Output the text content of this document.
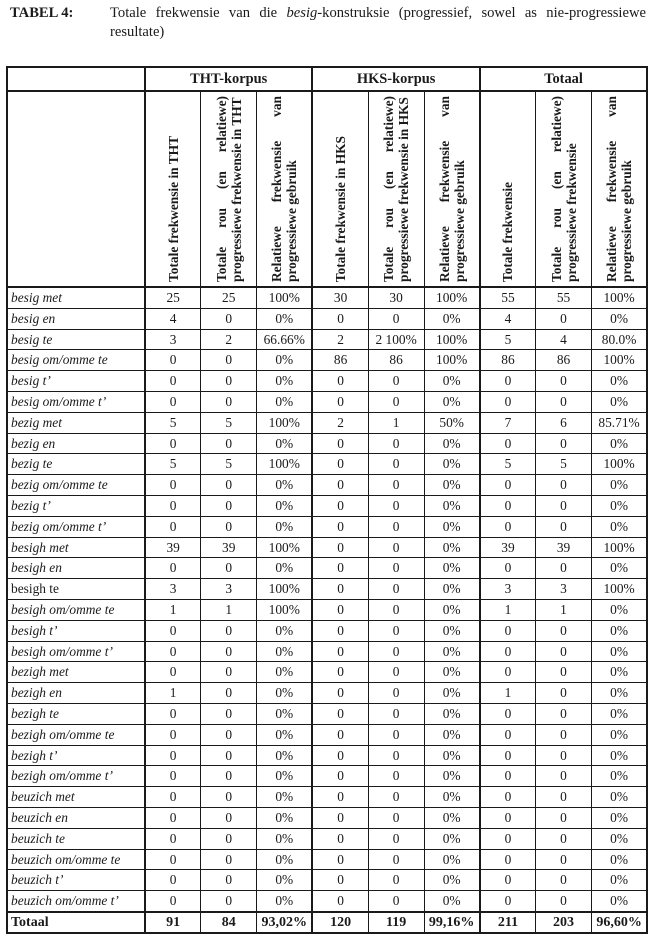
TABEL 4:	Totale frekwensie van die besig-konstruksie (progressief, sowel as nie-progressiewe resultate)
	THT-korpus			HKS-korpus			Totaal		
	Totale frekwensie in THT	Totale rou (en relatiewe) progressiewe frekwensie in THT	Relatiewe frekwensie van progressiewe gebruik	Totale frekwensie in HKS	Totale rou (en relatiewe) progressiewe frekwensie in HKS	Relatiewe frekwensie van progressiewe gebruik	Totale frekwensie	Totale rou (en relatiewe) progressiewe frekwensie	Relatiewe frekwensie van progressiewe gebruik
besig met	25	25	100%	30	30	100%	55	55	100%
besig en	4	0	0%	0	0	0%	4	0	0%
besig te	3	2	66.66%	2	2 100%	100%	5	4	80.0%
besig om/omme te	0	0	0%	86	86	100%	86	86	100%
besig t’	0	0	0%	0	0	0%	0	0	0%
besig om/omme t’	0	0	0%	0	0	0%	0	0	0%
bezig met	5	5	100%	2	1	50%	7	6	85.71%
bezig en	0	0	0%	0	0	0%	0	0	0%
bezig te	5	5	100%	0	0	0%	5	5	100%
bezig om/omme te	0	0	0%	0	0	0%	0	0	0%
bezig t’	0	0	0%	0	0	0%	0	0	0%
bezig om/omme t’	0	0	0%	0	0	0%	0	0	0%
besigh met	39	39	100%	0	0	0%	39	39	100%
besigh en	0	0	0%	0	0	0%	0	0	0%
besigh te	3	3	100%	0	0	0%	3	3	100%
besigh om/omme te	1	1	100%	0	0	0%	1	1	0%
besigh t’	0	0	0%	0	0	0%	0	0	0%
besigh om/omme t’	0	0	0%	0	0	0%	0	0	0%
bezigh met	0	0	0%	0	0	0%	0	0	0%
bezigh en	1	0	0%	0	0	0%	1	0	0%
bezigh te	0	0	0%	0	0	0%	0	0	0%
bezigh om/omme te	0	0	0%	0	0	0%	0	0	0%
bezigh t’	0	0	0%	0	0	0%	0	0	0%
bezigh om/omme t’	0	0	0%	0	0	0%	0	0	0%
beuzich met	0	0	0%	0	0	0%	0	0	0%
beuzich en	0	0	0%	0	0	0%	0	0	0%
beuzich te	0	0	0%	0	0	0%	0	0	0%
beuzich om/omme te	0	0	0%	0	0	0%	0	0	0%
beuzich t’	0	0	0%	0	0	0%	0	0	0%
beuzich om/omme t’	0	0	0%	0	0	0%	0	0	0%
Totaal	91	84	93,02%	120	119	99,16%	211	203	96,60%
